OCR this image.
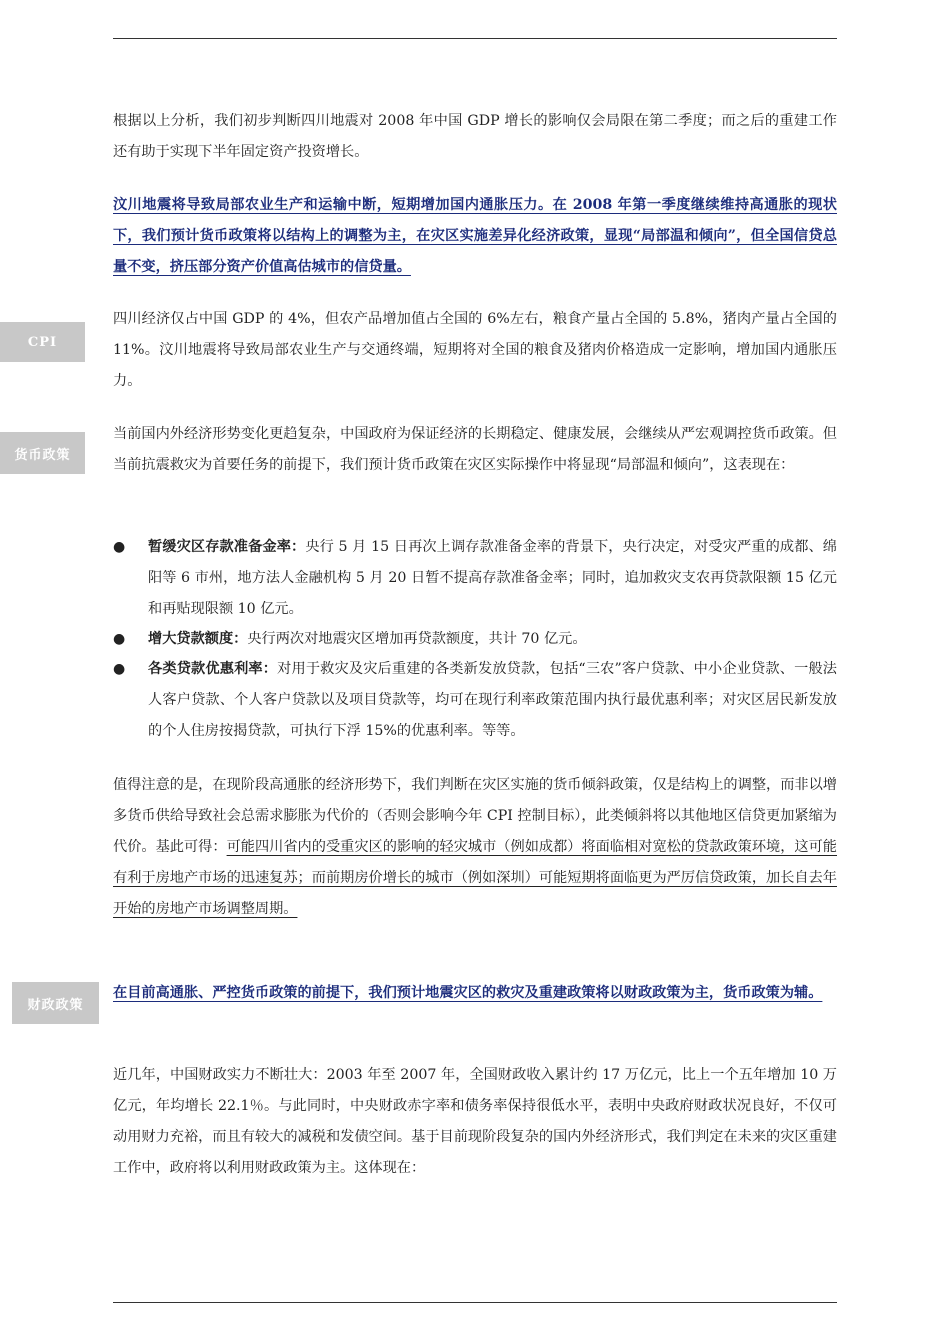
CPI
货币政策
财政政策

根据以上分析，我们初步判断四川地震对 2008 年中国 GDP 增长的影响仅会局限在第二季度；而之后的重建工作还有助于实现下半年固定资产投资增长。

汶川地震将导致局部农业生产和运输中断，短期增加国内通胀压力。在 2008 年第一季度继续维持高通胀的现状下，我们预计货币政策将以结构上的调整为主，在灾区实施差异化经济政策，显现“局部温和倾向”，但全国信贷总量不变，挤压部分资产价值高估城市的信贷量。

四川经济仅占中国 GDP 的 4%，但农产品增加值占全国的 6%左右，粮食产量占全国的 5.8%，猪肉产量占全国的 11%。汶川地震将导致局部农业生产与交通终端，短期将对全国的粮食及猪肉价格造成一定影响，增加国内通胀压力。

当前国内外经济形势变化更趋复杂，中国政府为保证经济的长期稳定、健康发展，会继续从严宏观调控货币政策。但当前抗震救灾为首要任务的前提下，我们预计货币政策在灾区实际操作中将显现“局部温和倾向”，这表现在：

● 暂缓灾区存款准备金率：央行 5 月 15 日再次上调存款准备金率的背景下，央行决定，对受灾严重的成都、绵阳等 6 市州，地方法人金融机构 5 月 20 日暂不提高存款准备金率；同时，追加救灾支农再贷款限额 15 亿元和再贴现限额 10 亿元。
● 增大贷款额度：央行两次对地震灾区增加再贷款额度，共计 70 亿元。
● 各类贷款优惠利率：对用于救灾及灾后重建的各类新发放贷款，包括“三农”客户贷款、中小企业贷款、一般法人客户贷款、个人客户贷款以及项目贷款等，均可在现行利率政策范围内执行最优惠利率；对灾区居民新发放的个人住房按揭贷款，可执行下浮 15%的优惠利率。等等。

值得注意的是，在现阶段高通胀的经济形势下，我们判断在灾区实施的货币倾斜政策，仅是结构上的调整，而非以增多货币供给导致社会总需求膨胀为代价的（否则会影响今年 CPI 控制目标），此类倾斜将以其他地区信贷更加紧缩为代价。基此可得：可能四川省内的受重灾区的影响的轻灾城市（例如成都）将面临相对宽松的贷款政策环境，这可能有利于房地产市场的迅速复苏；而前期房价增长的城市（例如深圳）可能短期将面临更为严厉信贷政策，加长自去年开始的房地产市场调整周期。

在目前高通胀、严控货币政策的前提下，我们预计地震灾区的救灾及重建政策将以财政政策为主，货币政策为辅。

近几年，中国财政实力不断壮大：2003 年至 2007 年，全国财政收入累计约 17 万亿元，比上一个五年增加 10 万亿元，年均增长 22.1％。与此同时，中央财政赤字率和债务率保持很低水平，表明中央政府财政状况良好，不仅可动用财力充裕，而且有较大的减税和发债空间。基于目前现阶段复杂的国内外经济形式，我们判定在未来的灾区重建工作中，政府将以利用财政政策为主。这体现在：
